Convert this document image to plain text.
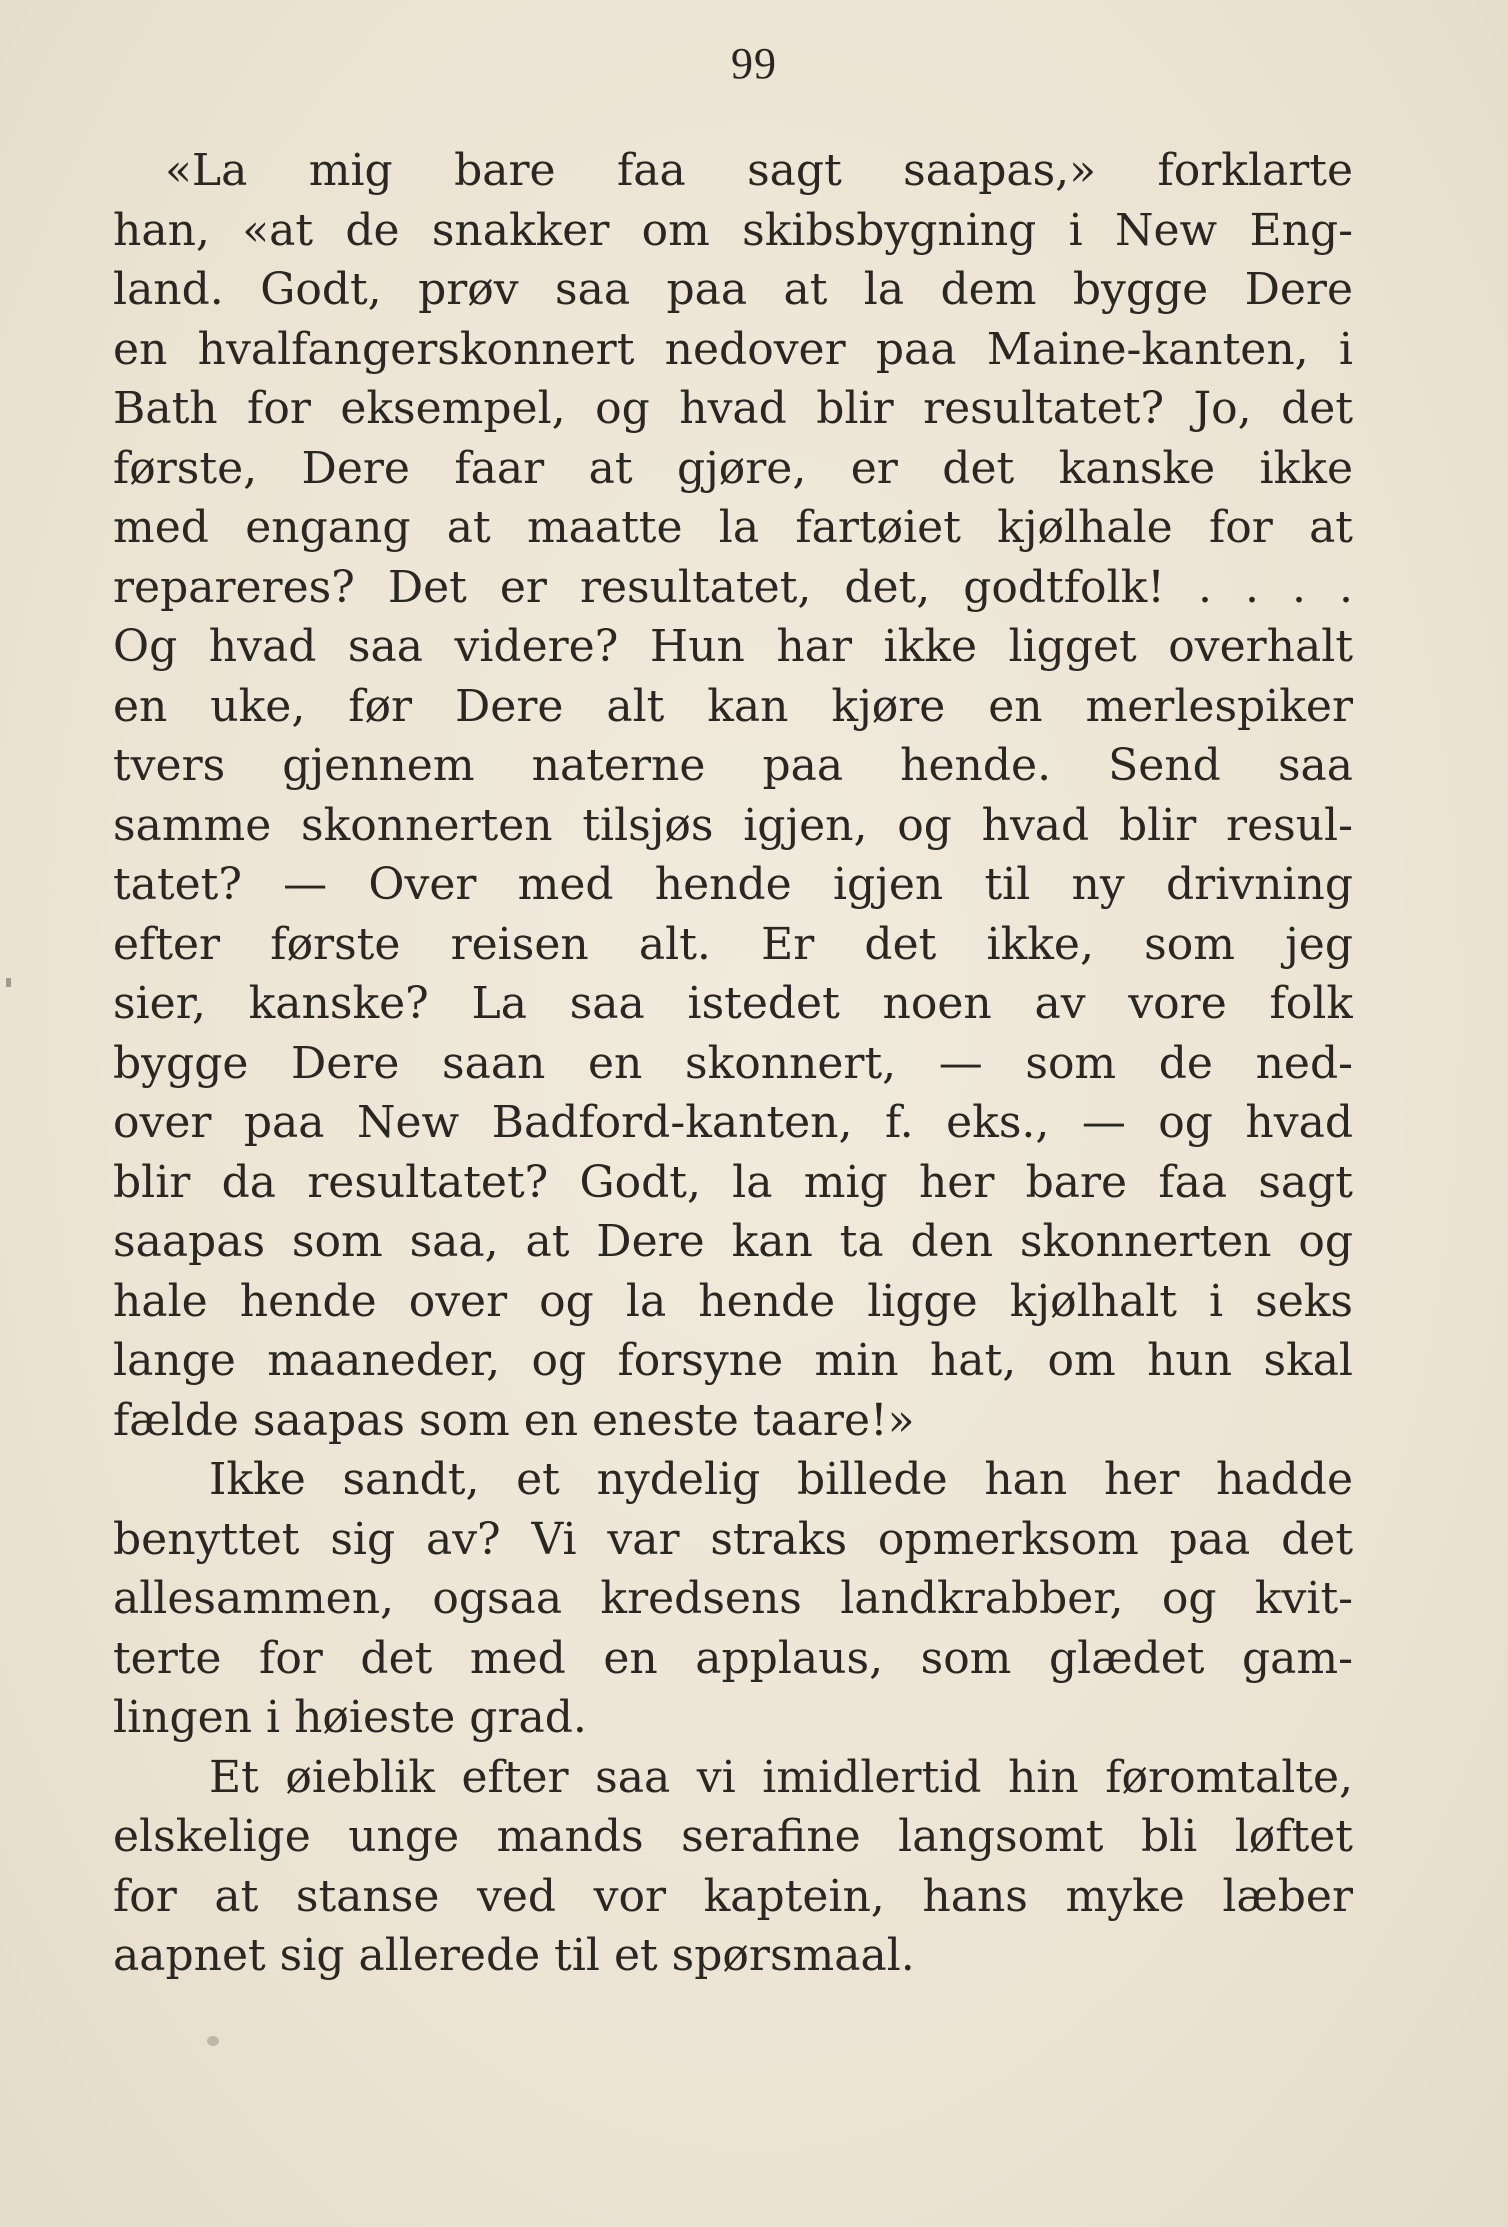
99
«La mig bare faa sagt saapas,» forklarte
han, «at de snakker om skibsbygning i New Eng-
land. Godt, prøv saa paa at la dem bygge Dere
en hvalfangerskonnert nedover paa Maine-kanten, i
Bath for eksempel, og hvad blir resultatet? Jo, det
første, Dere faar at gjøre, er det kanske ikke
med engang at maatte la fartøiet kjølhale for at
repareres? Det er resultatet, det, godtfolk! . . . .
Og hvad saa videre? Hun har ikke ligget overhalt
en uke, før Dere alt kan kjøre en merlespiker
tvers gjennem naterne paa hende. Send saa
samme skonnerten tilsjøs igjen, og hvad blir resul-
tatet? — Over med hende igjen til ny drivning
efter første reisen alt. Er det ikke, som jeg
sier, kanske? La saa istedet noen av vore folk
bygge Dere saan en skonnert, — som de ned-
over paa New Badford-kanten, f. eks., — og hvad
blir da resultatet? Godt, la mig her bare faa sagt
saapas som saa, at Dere kan ta den skonnerten og
hale hende over og la hende ligge kjølhalt i seks
lange maaneder, og forsyne min hat, om hun skal
fælde saapas som en eneste taare!»
Ikke sandt, et nydelig billede han her hadde
benyttet sig av? Vi var straks opmerksom paa det
allesammen, ogsaa kredsens landkrabber, og kvit-
terte for det med en applaus, som glædet gam-
lingen i høieste grad.
Et øieblik efter saa vi imidlertid hin føromtalte,
elskelige unge mands serafine langsomt bli løftet
for at stanse ved vor kaptein, hans myke læber
aapnet sig allerede til et spørsmaal.
